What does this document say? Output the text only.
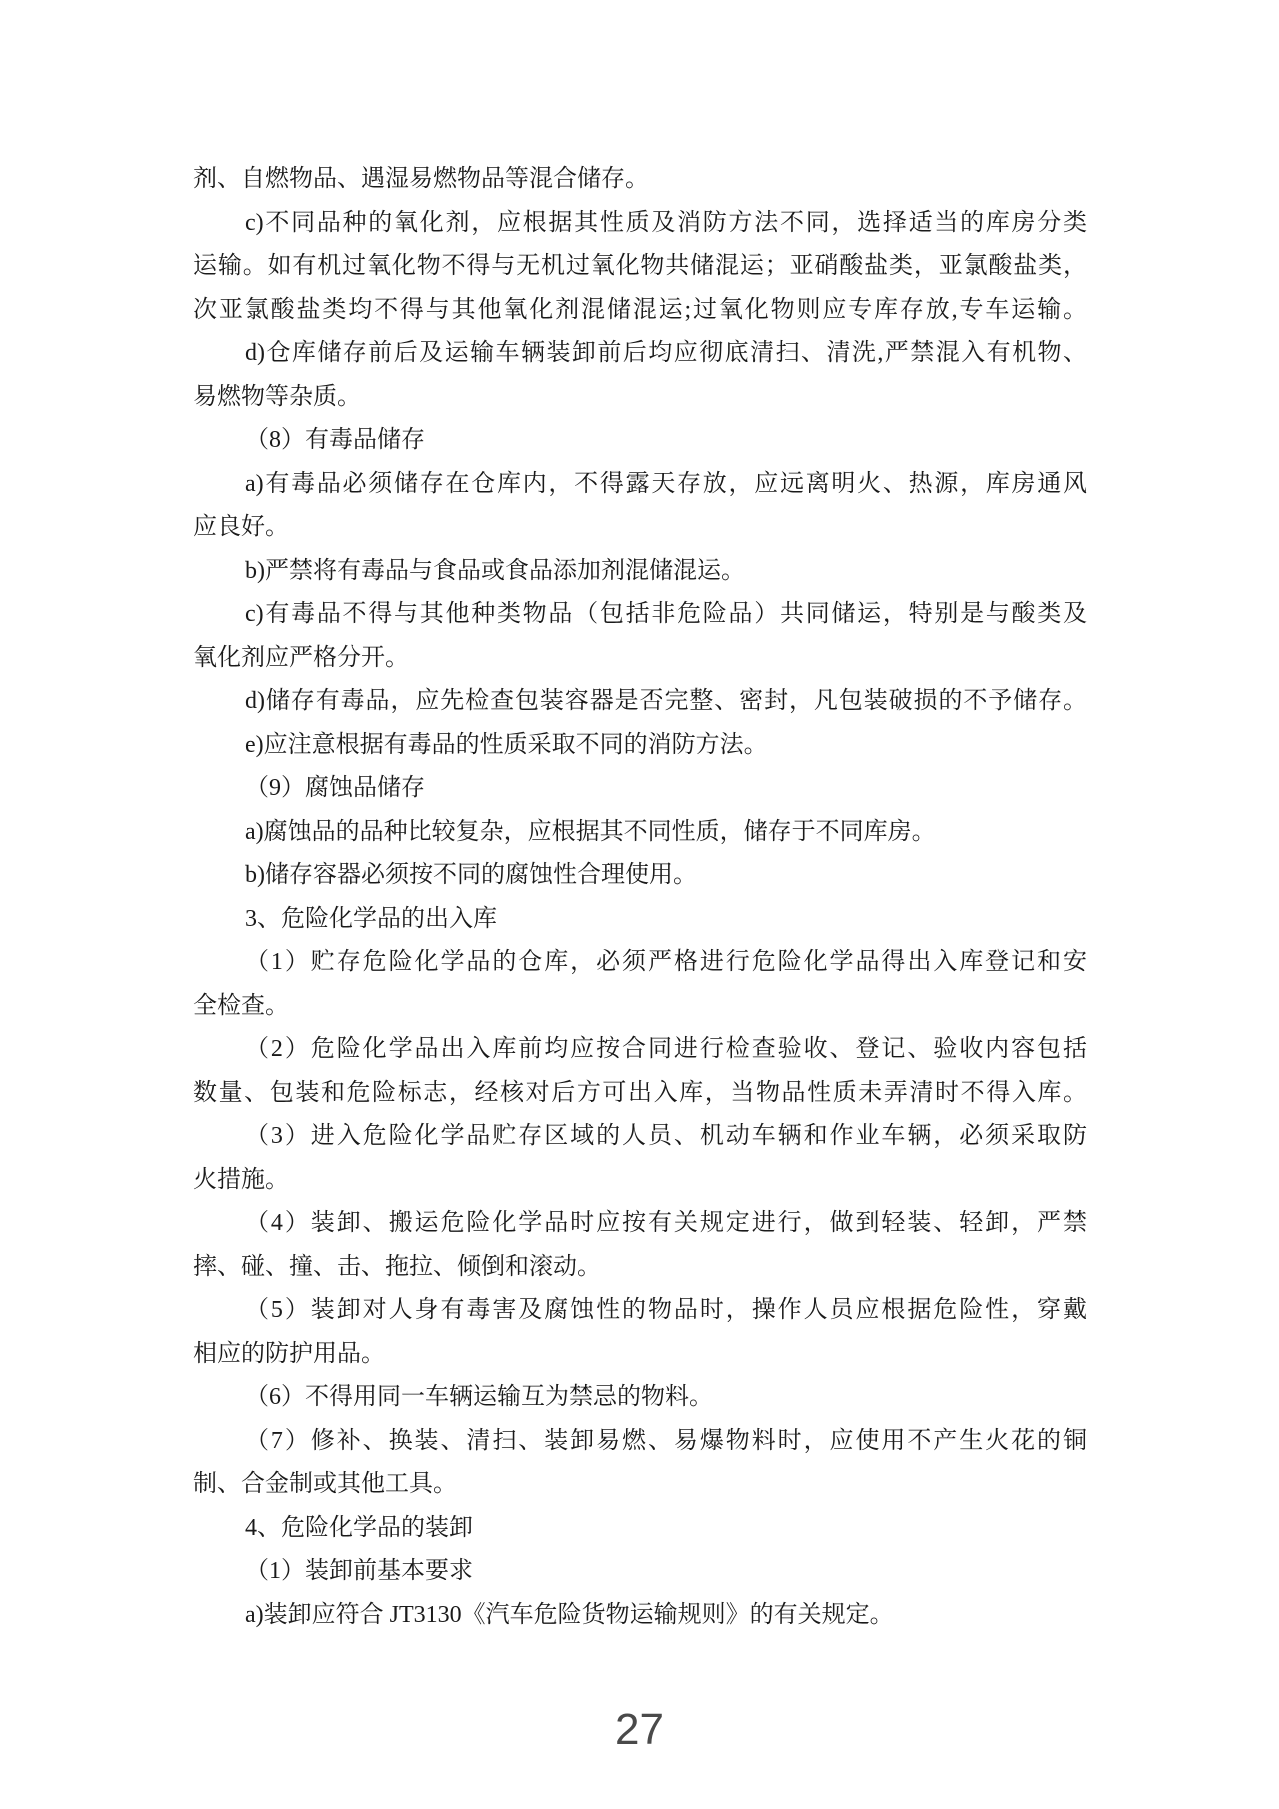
剂、自燃物品、遇湿易燃物品等混合储存。
c)不同品种的氧化剂，应根据其性质及消防方法不同，选择适当的库房分类
运输。如有机过氧化物不得与无机过氧化物共储混运；亚硝酸盐类，亚氯酸盐类，
次亚氯酸盐类均不得与其他氧化剂混储混运;过氧化物则应专库存放,专车运输。
d)仓库储存前后及运输车辆装卸前后均应彻底清扫、清洗,严禁混入有机物、
易燃物等杂质。
（8）有毒品储存
a)有毒品必须储存在仓库内，不得露天存放，应远离明火、热源，库房通风
应良好。
b)严禁将有毒品与食品或食品添加剂混储混运。
c)有毒品不得与其他种类物品（包括非危险品）共同储运，特别是与酸类及
氧化剂应严格分开。
d)储存有毒品，应先检查包装容器是否完整、密封，凡包装破损的不予储存。
e)应注意根据有毒品的性质采取不同的消防方法。
（9）腐蚀品储存
a)腐蚀品的品种比较复杂，应根据其不同性质，储存于不同库房。
b)储存容器必须按不同的腐蚀性合理使用。
3、危险化学品的出入库
（1）贮存危险化学品的仓库，必须严格进行危险化学品得出入库登记和安
全检查。
（2）危险化学品出入库前均应按合同进行检查验收、登记、验收内容包括
数量、包装和危险标志，经核对后方可出入库，当物品性质未弄清时不得入库。
（3）进入危险化学品贮存区域的人员、机动车辆和作业车辆，必须采取防
火措施。
（4）装卸、搬运危险化学品时应按有关规定进行，做到轻装、轻卸，严禁
摔、碰、撞、击、拖拉、倾倒和滚动。
（5）装卸对人身有毒害及腐蚀性的物品时，操作人员应根据危险性，穿戴
相应的防护用品。
（6）不得用同一车辆运输互为禁忌的物料。
（7）修补、换装、清扫、装卸易燃、易爆物料时，应使用不产生火花的铜
制、合金制或其他工具。
4、危险化学品的装卸
（1）装卸前基本要求
a)装卸应符合 JT3130《汽车危险货物运输规则》的有关规定。
27
